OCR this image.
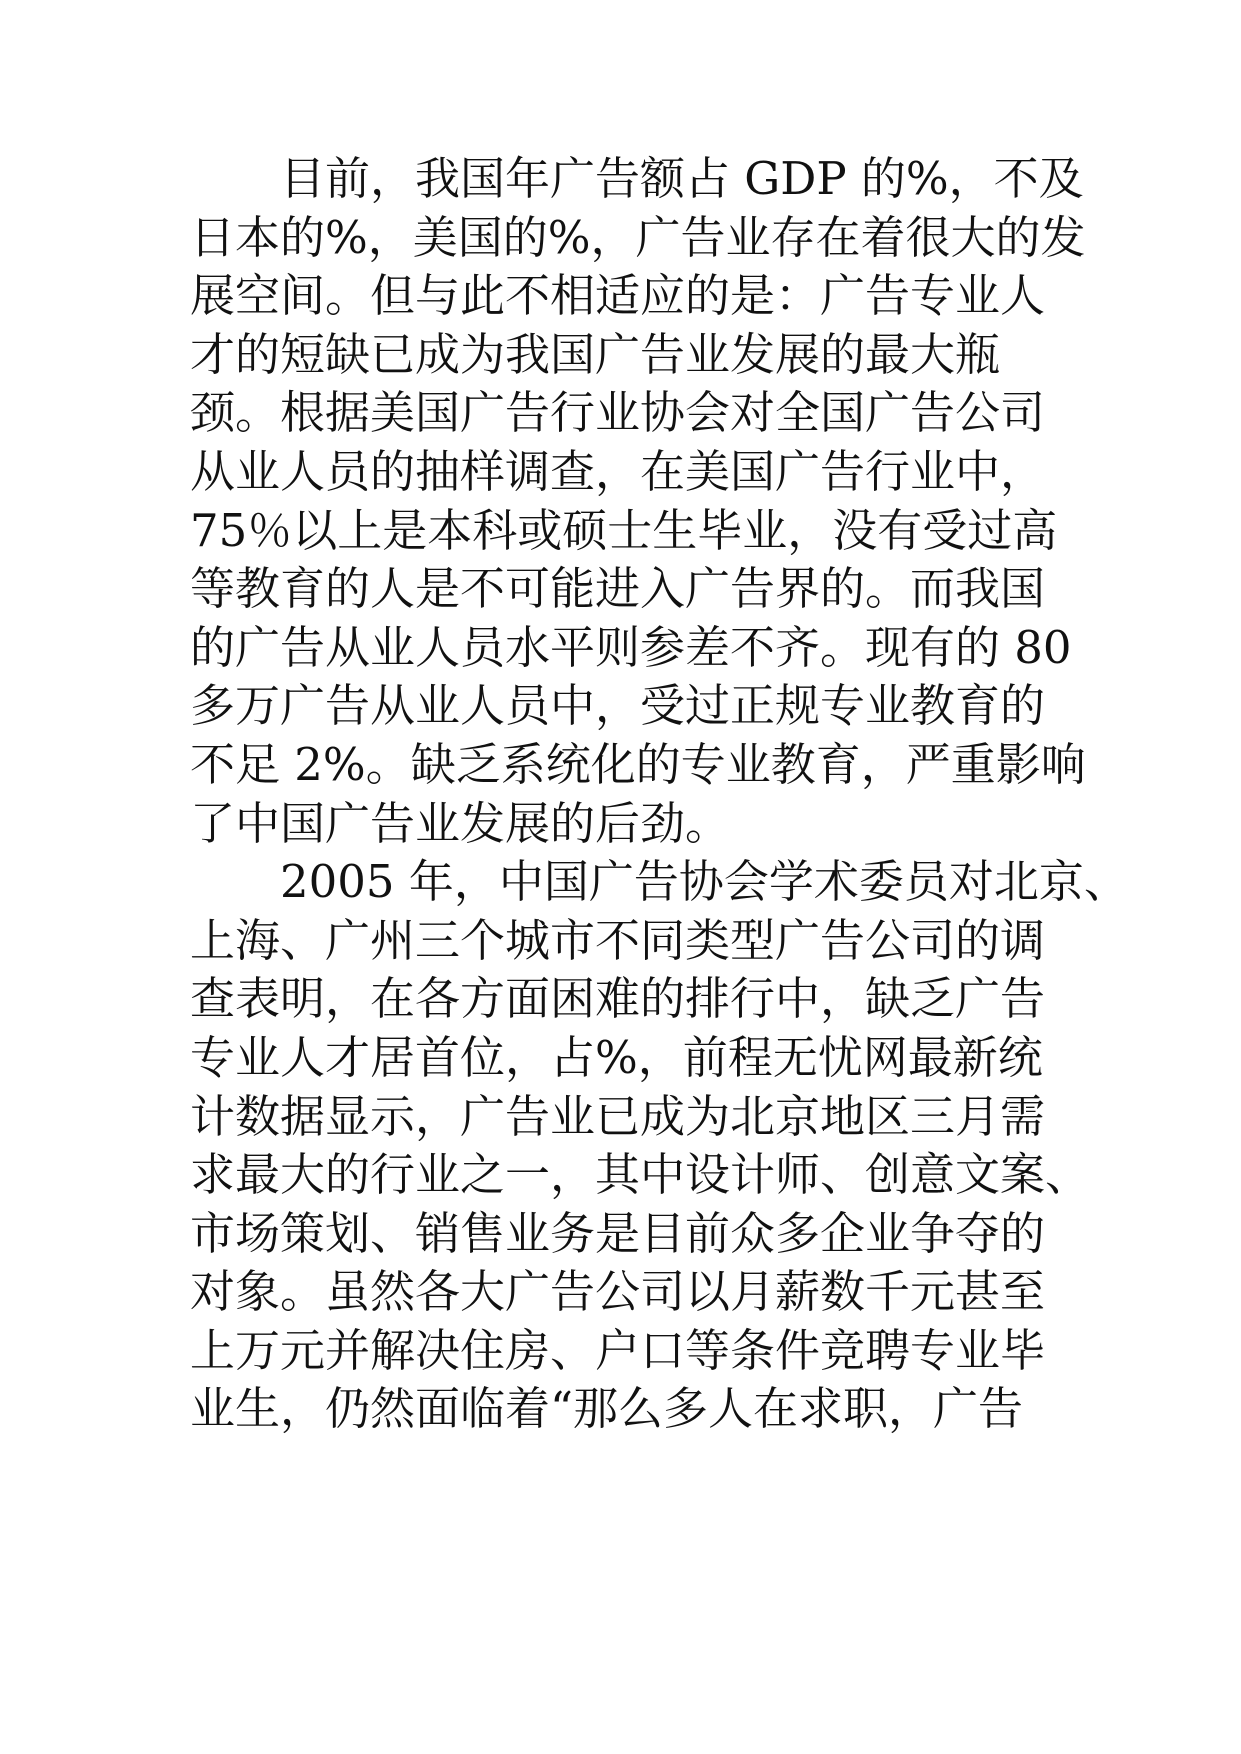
　　目前，我国年广告额占 GDP 的%，不及
日本的%，美国的%，广告业存在着很大的发
展空间。但与此不相适应的是：广告专业人
才的短缺已成为我国广告业发展的最大瓶
颈。根据美国广告行业协会对全国广告公司
从业人员的抽样调查，在美国广告行业中，
75％以上是本科或硕士生毕业，没有受过高
等教育的人是不可能进入广告界的。而我国
的广告从业人员水平则参差不齐。现有的 80
多万广告从业人员中，受过正规专业教育的
不足 2%。缺乏系统化的专业教育，严重影响
了中国广告业发展的后劲。
　　2005 年，中国广告协会学术委员对北京、
上海、广州三个城市不同类型广告公司的调
查表明，在各方面困难的排行中，缺乏广告
专业人才居首位，占%，前程无忧网最新统
计数据显示，广告业已成为北京地区三月需
求最大的行业之一，其中设计师、创意文案、
市场策划、销售业务是目前众多企业争夺的
对象。虽然各大广告公司以月薪数千元甚至
上万元并解决住房、户口等条件竞聘专业毕
业生，仍然面临着“那么多人在求职，广告
